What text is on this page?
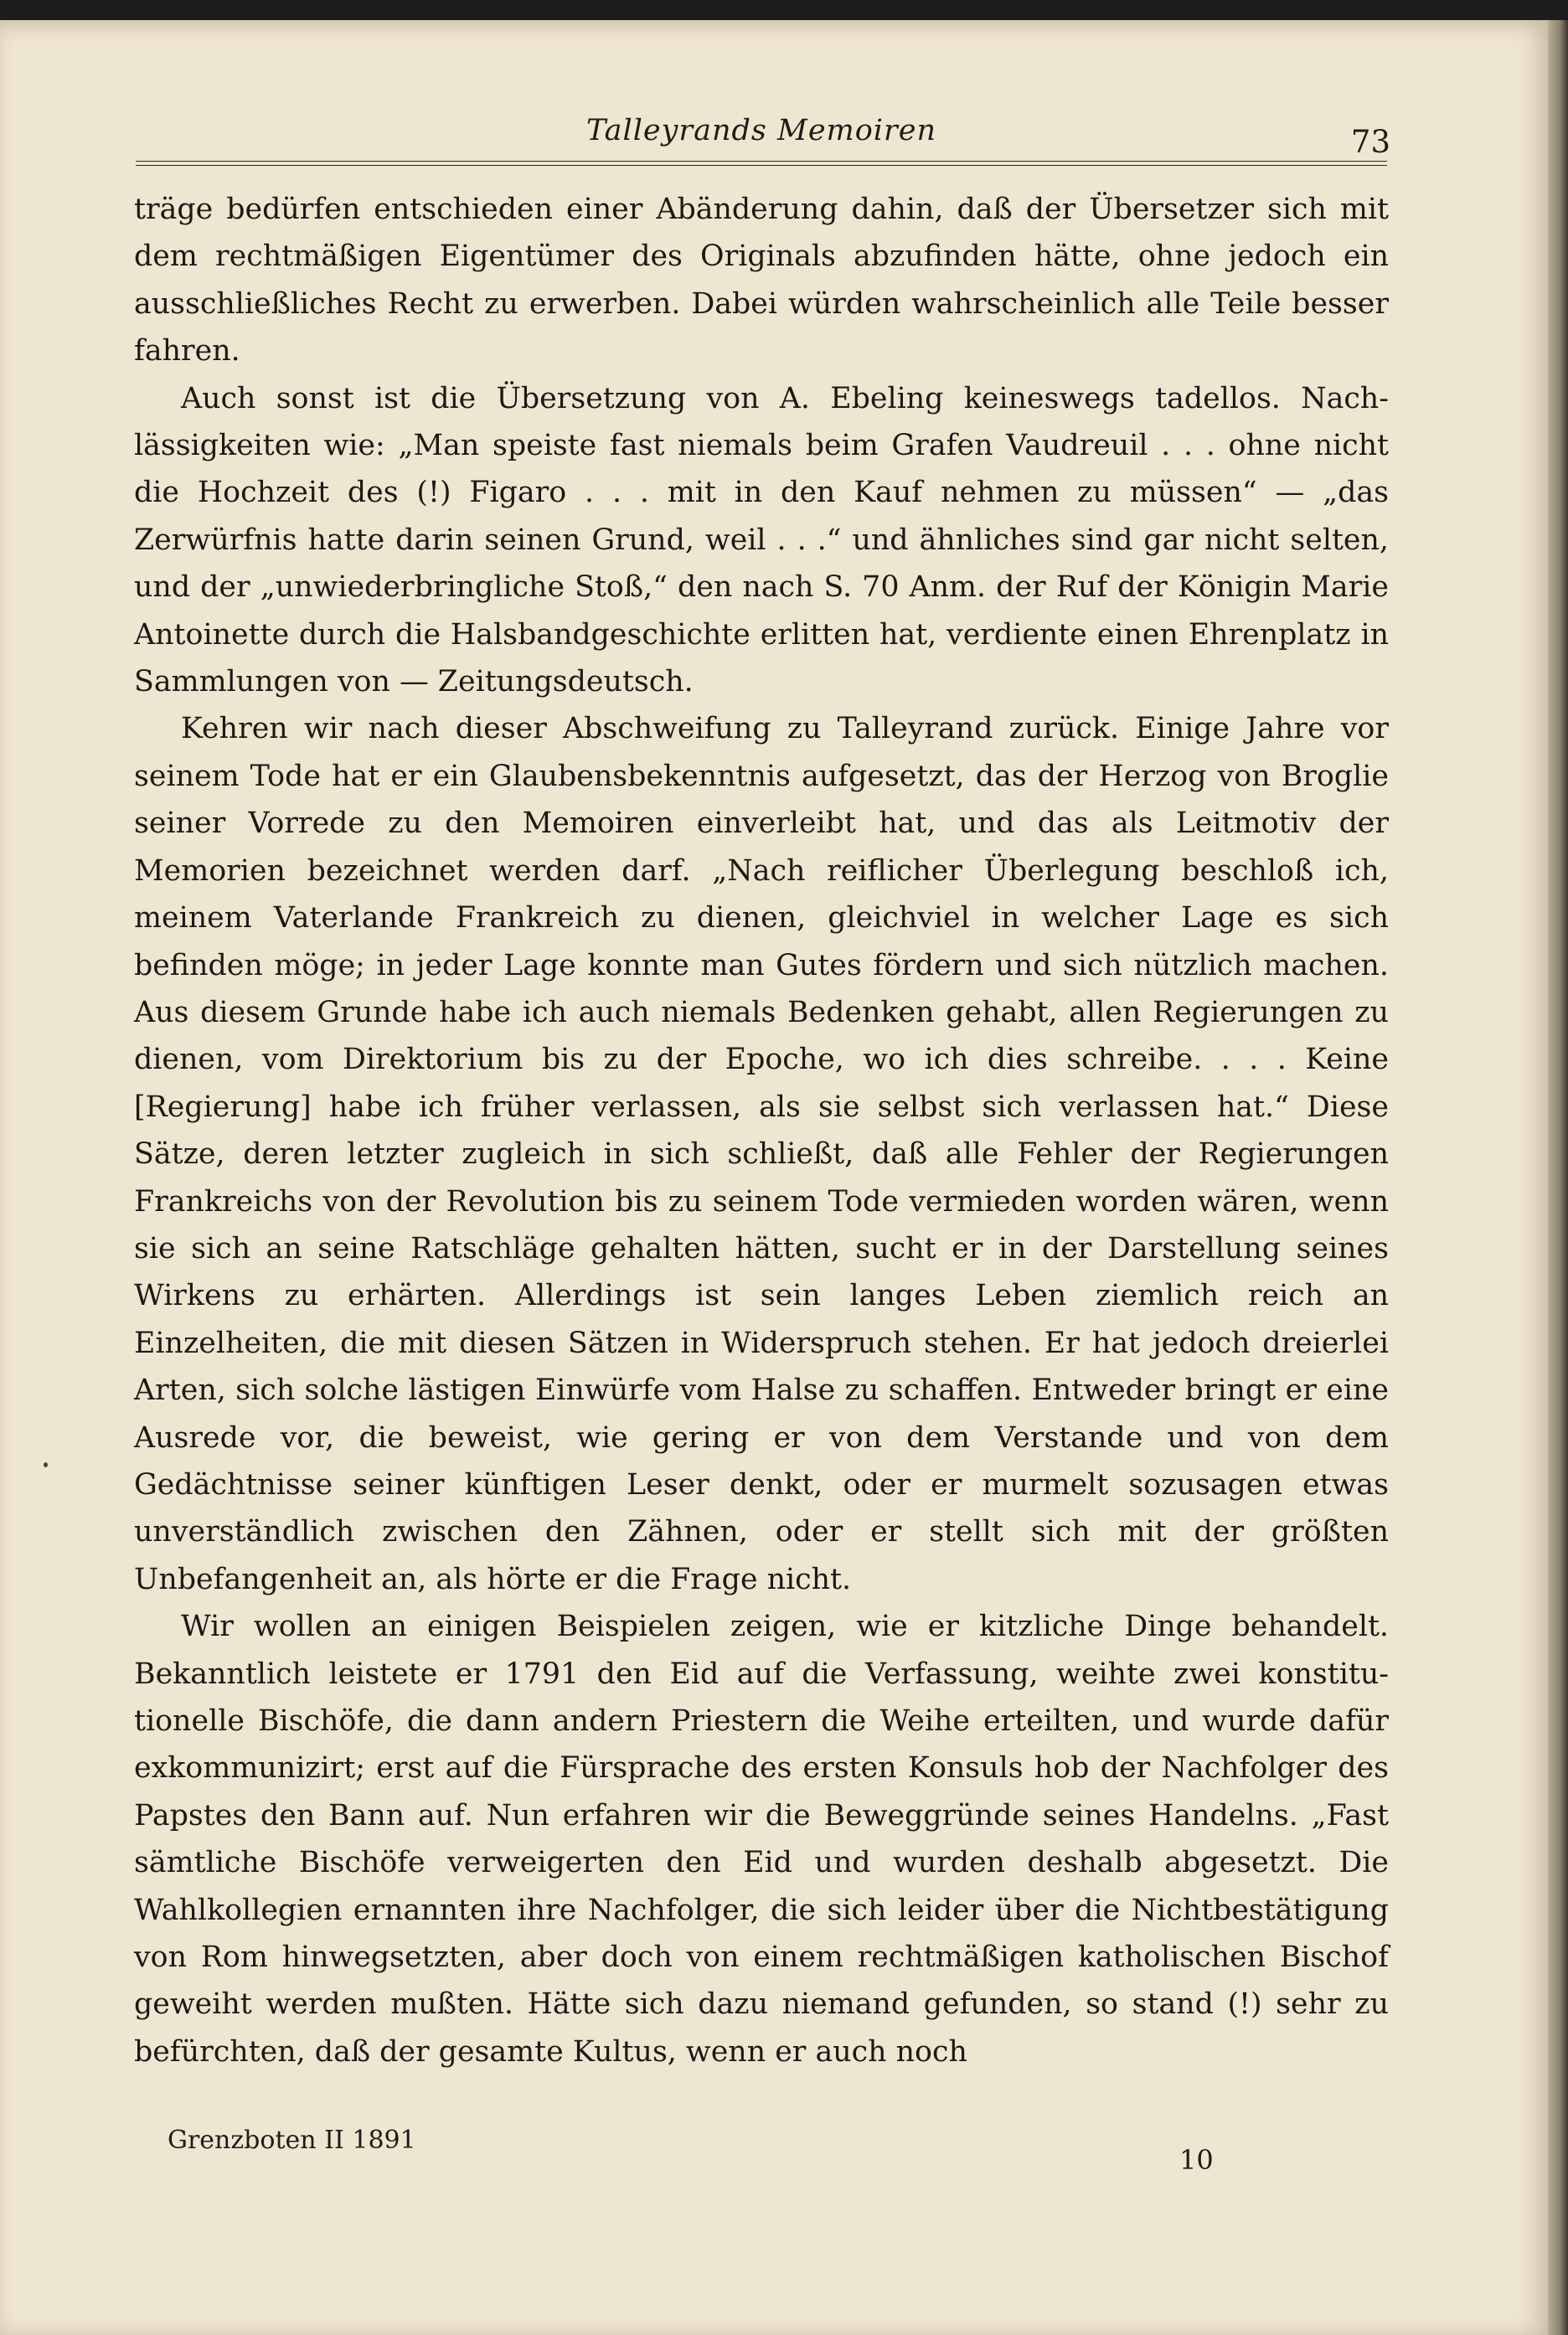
Talleyrands Memoiren	73

träge bedürfen entschieden einer Abänderung dahin, daß der Übersetzer sich mit dem rechtmäßigen Eigentümer des Originals abzufinden hätte, ohne jedoch ein ausschließliches Recht zu erwerben. Dabei würden wahrscheinlich alle Teile besser fahren.

Auch sonst ist die Übersetzung von A. Ebeling keineswegs tadellos. Nachlässigkeiten wie: „Man speiste fast niemals beim Grafen Vaudreuil . . . ohne nicht die Hochzeit des (!) Figaro . . . mit in den Kauf nehmen zu müssen“ — „das Zerwürfnis hatte darin seinen Grund, weil . . .“ und ähnliches sind gar nicht selten, und der „unwiederbringliche Stoß,“ den nach S. 70 Anm. der Ruf der Königin Marie Antoinette durch die Halsbandgeschichte erlitten hat, verdiente einen Ehrenplatz in Sammlungen von — Zeitungsdeutsch.

Kehren wir nach dieser Abschweifung zu Talleyrand zurück. Einige Jahre vor seinem Tode hat er ein Glaubensbekenntnis aufgesetzt, das der Herzog von Broglie seiner Vorrede zu den Memoiren einverleibt hat, und das als Leitmotiv der Memorien bezeichnet werden darf. „Nach reiflicher Überlegung beschloß ich, meinem Vaterlande Frankreich zu dienen, gleichviel in welcher Lage es sich befinden möge; in jeder Lage konnte man Gutes fördern und sich nützlich machen. Aus diesem Grunde habe ich auch niemals Bedenken gehabt, allen Regierungen zu dienen, vom Direktorium bis zu der Epoche, wo ich dies schreibe. . . . Keine [Regierung] habe ich früher verlassen, als sie selbst sich verlassen hat.“ Diese Sätze, deren letzter zugleich in sich schließt, daß alle Fehler der Regierungen Frankreichs von der Revolution bis zu seinem Tode vermieden worden wären, wenn sie sich an seine Ratschläge gehalten hätten, sucht er in der Darstellung seines Wirkens zu erhärten. Allerdings ist sein langes Leben ziemlich reich an Einzelheiten, die mit diesen Sätzen in Widerspruch stehen. Er hat jedoch dreierlei Arten, sich solche lästigen Einwürfe vom Halse zu schaffen. Entweder bringt er eine Ausrede vor, die beweist, wie gering er von dem Verstande und von dem Gedächtnisse seiner künftigen Leser denkt, oder er murmelt sozusagen etwas unverständlich zwischen den Zähnen, oder er stellt sich mit der größten Unbefangenheit an, als hörte er die Frage nicht.

Wir wollen an einigen Beispielen zeigen, wie er kitzliche Dinge behandelt. Bekanntlich leistete er 1791 den Eid auf die Verfassung, weihte zwei konstitutionelle Bischöfe, die dann andern Priestern die Weihe erteilten, und wurde dafür exkommunizirt; erst auf die Fürsprache des ersten Konsuls hob der Nachfolger des Papstes den Bann auf. Nun erfahren wir die Beweggründe seines Handelns. „Fast sämtliche Bischöfe verweigerten den Eid und wurden deshalb abgesetzt. Die Wahlkollegien ernannten ihre Nachfolger, die sich leider über die Nichtbestätigung von Rom hinwegsetzten, aber doch von einem rechtmäßigen katholischen Bischof geweiht werden mußten. Hätte sich dazu niemand gefunden, so stand (!) sehr zu befürchten, daß der gesamte Kultus, wenn er auch noch

Grenzboten II 1891
10
